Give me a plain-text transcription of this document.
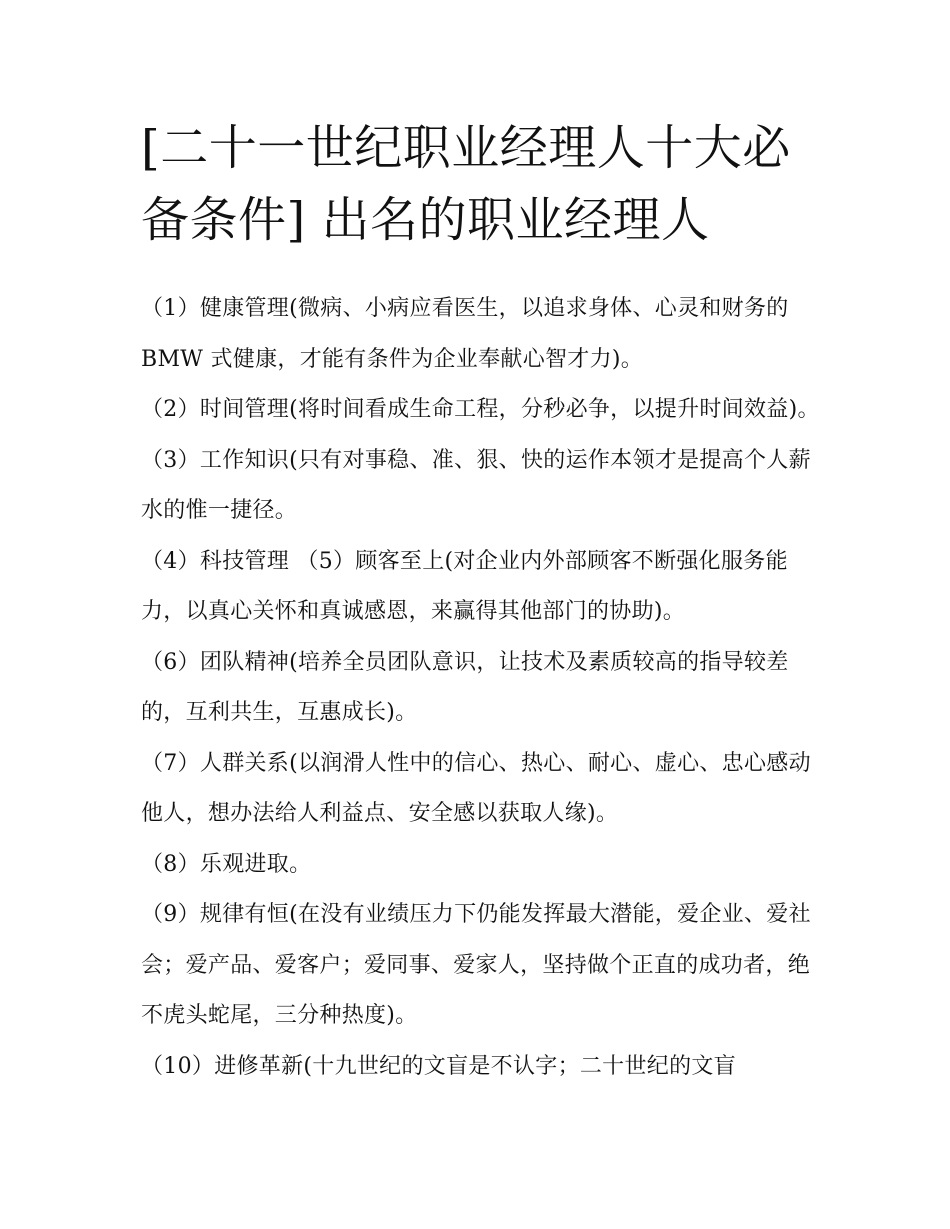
[二十一世纪职业经理人十大必备条件] 出名的职业经理人

（1）健康管理(微病、小病应看医生，以追求身体、心灵和财务的 BMW 式健康，才能有条件为企业奉献心智才力)。

（2）时间管理(将时间看成生命工程，分秒必争，以提升时间效益)。 （3）工作知识(只有对事稳、准、狠、快的运作本领才是提高个人薪水的惟一捷径。

（4）科技管理 （5）顾客至上(对企业内外部顾客不断强化服务能力，以真心关怀和真诚感恩，来赢得其他部门的协助)。

（6）团队精神(培养全员团队意识，让技术及素质较高的指导较差的，互利共生，互惠成长)。

（7）人群关系(以润滑人性中的信心、热心、耐心、虚心、忠心感动他人，想办法给人利益点、安全感以获取人缘)。

（8）乐观进取。

（9）规律有恒(在没有业绩压力下仍能发挥最大潜能，爱企业、爱社会；爱产品、爱客户；爱同事、爱家人，坚持做个正直的成功者，绝不虎头蛇尾，三分种热度)。

（10）进修革新(十九世纪的文盲是不认字；二十世纪的文盲
